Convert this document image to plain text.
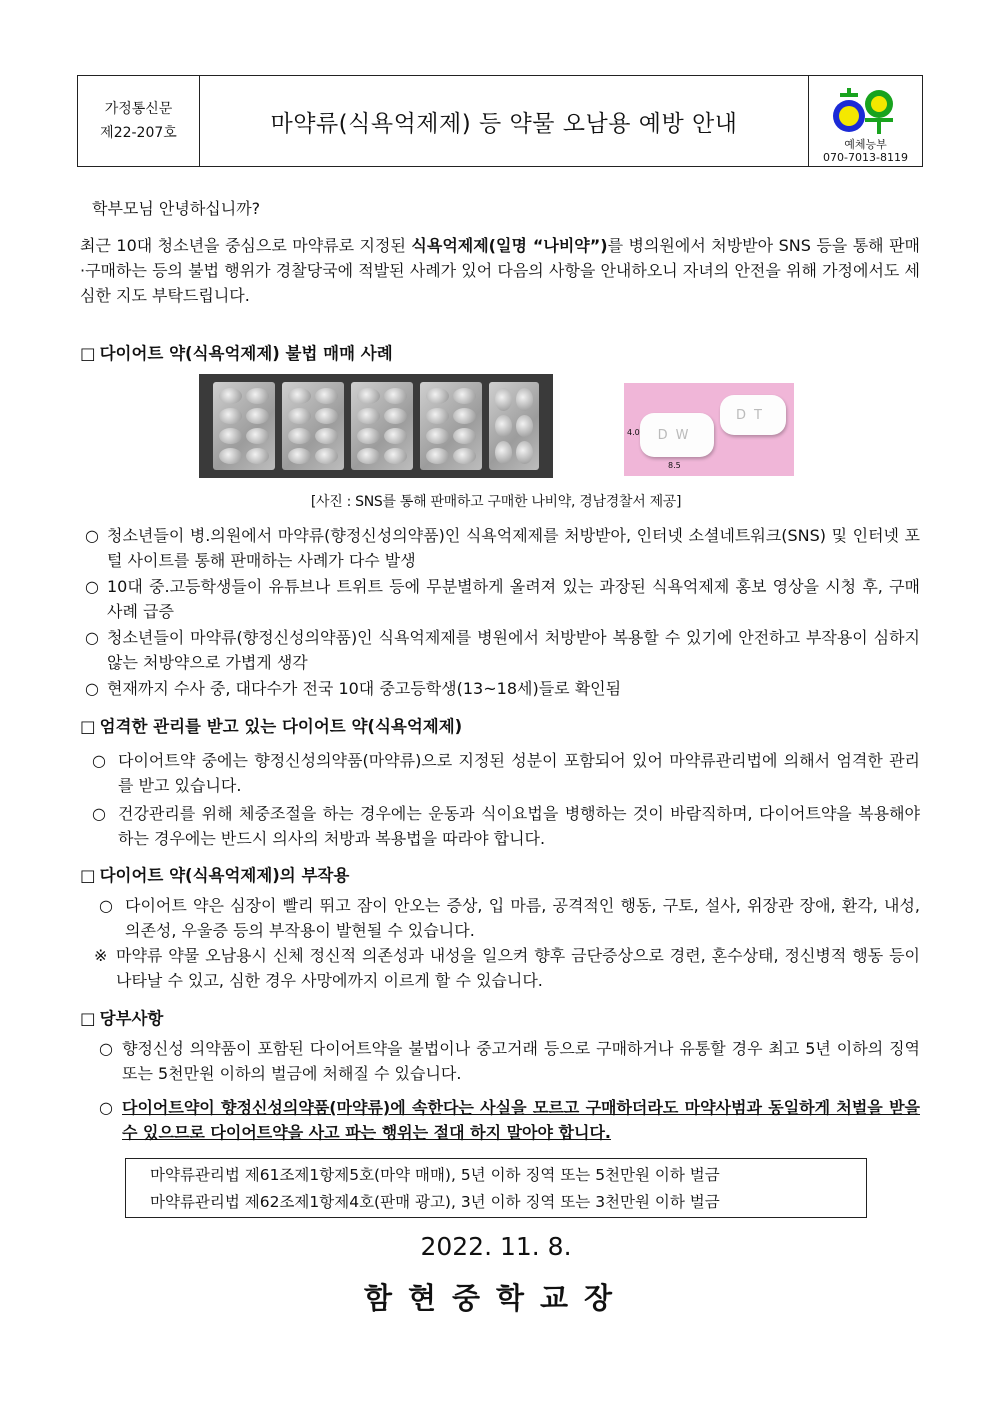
가정통신문
제22-207호	마약류(식욕억제제) 등 약물 오남용 예방 안내
예체능부
070-7013-8119
학부모님 안녕하십니까?
최근 10대 청소년을 중심으로 마약류로 지정된 식욕억제제(일명 “나비약”)를 병의원에서 처방받아 SNS 등을 통해 판매·구매하는 등의 불법 행위가 경찰당국에 적발된 사례가 있어 다음의 사항을 안내하오니 자녀의 안전을 위해 가정에서도 세심한 지도 부탁드립니다.
□ 다이어트 약(식욕억제제) 불법 매매 사례
DW
DT
4.0
8.5
[사진 : SNS를 통해 판매하고 구매한 나비약, 경남경찰서 제공]
○ 청소년들이 병.의원에서 마약류(향정신성의약품)인 식욕억제제를 처방받아, 인터넷 소셜네트워크(SNS) 및 인터넷 포털 사이트를 통해 판매하는 사례가 다수 발생
○ 10대 중.고등학생들이 유튜브나 트위트 등에 무분별하게 올려져 있는 과장된 식욕억제제 홍보 영상을 시청 후, 구매 사례 급증
○ 청소년들이 마약류(향정신성의약품)인 식욕억제제를 병원에서 처방받아 복용할 수 있기에 안전하고 부작용이 심하지 않는 처방약으로 가볍게 생각
○ 현재까지 수사 중, 대다수가 전국 10대 중고등학생(13~18세)들로 확인됨
□ 엄격한 관리를 받고 있는 다이어트 약(식욕억제제)
○ 다이어트약 중에는 향정신성의약품(마약류)으로 지정된 성분이 포함되어 있어 마약류관리법에 의해서 엄격한 관리를 받고 있습니다.
○ 건강관리를 위해 체중조절을 하는 경우에는 운동과 식이요법을 병행하는 것이 바람직하며, 다이어트약을 복용해야 하는 경우에는 반드시 의사의 처방과 복용법을 따라야 합니다.
□ 다이어트 약(식욕억제제)의 부작용
○ 다이어트 약은 심장이 빨리 뛰고 잠이 안오는 증상, 입 마름, 공격적인 행동, 구토, 설사, 위장관 장애, 환각, 내성, 의존성, 우울증 등의 부작용이 발현될 수 있습니다.
※ 마약류 약물 오남용시 신체 정신적 의존성과 내성을 일으켜 향후 금단증상으로 경련, 혼수상태, 정신병적 행동 등이 나타날 수 있고, 심한 경우 사망에까지 이르게 할 수 있습니다.
□ 당부사항
○ 향정신성 의약품이 포함된 다이어트약을 불법이나 중고거래 등으로 구매하거나 유통할 경우 최고 5년 이하의 징역 또는 5천만원 이하의 벌금에 처해질 수 있습니다.
○ 다이어트약이 향정신성의약품(마약류)에 속한다는 사실을 모르고 구매하더라도 마약사범과 동일하게 처벌을 받을 수 있으므로 다이어트약을 사고 파는 행위는 절대 하지 말아야 합니다.
마약류관리법 제61조제1항제5호(마약 매매), 5년 이하 징역 또는 5천만원 이하 벌금
마약류관리법 제62조제1항제4호(판매 광고), 3년 이하 징역 또는 3천만원 이하 벌금
2022. 11. 8.
함현중학교장
